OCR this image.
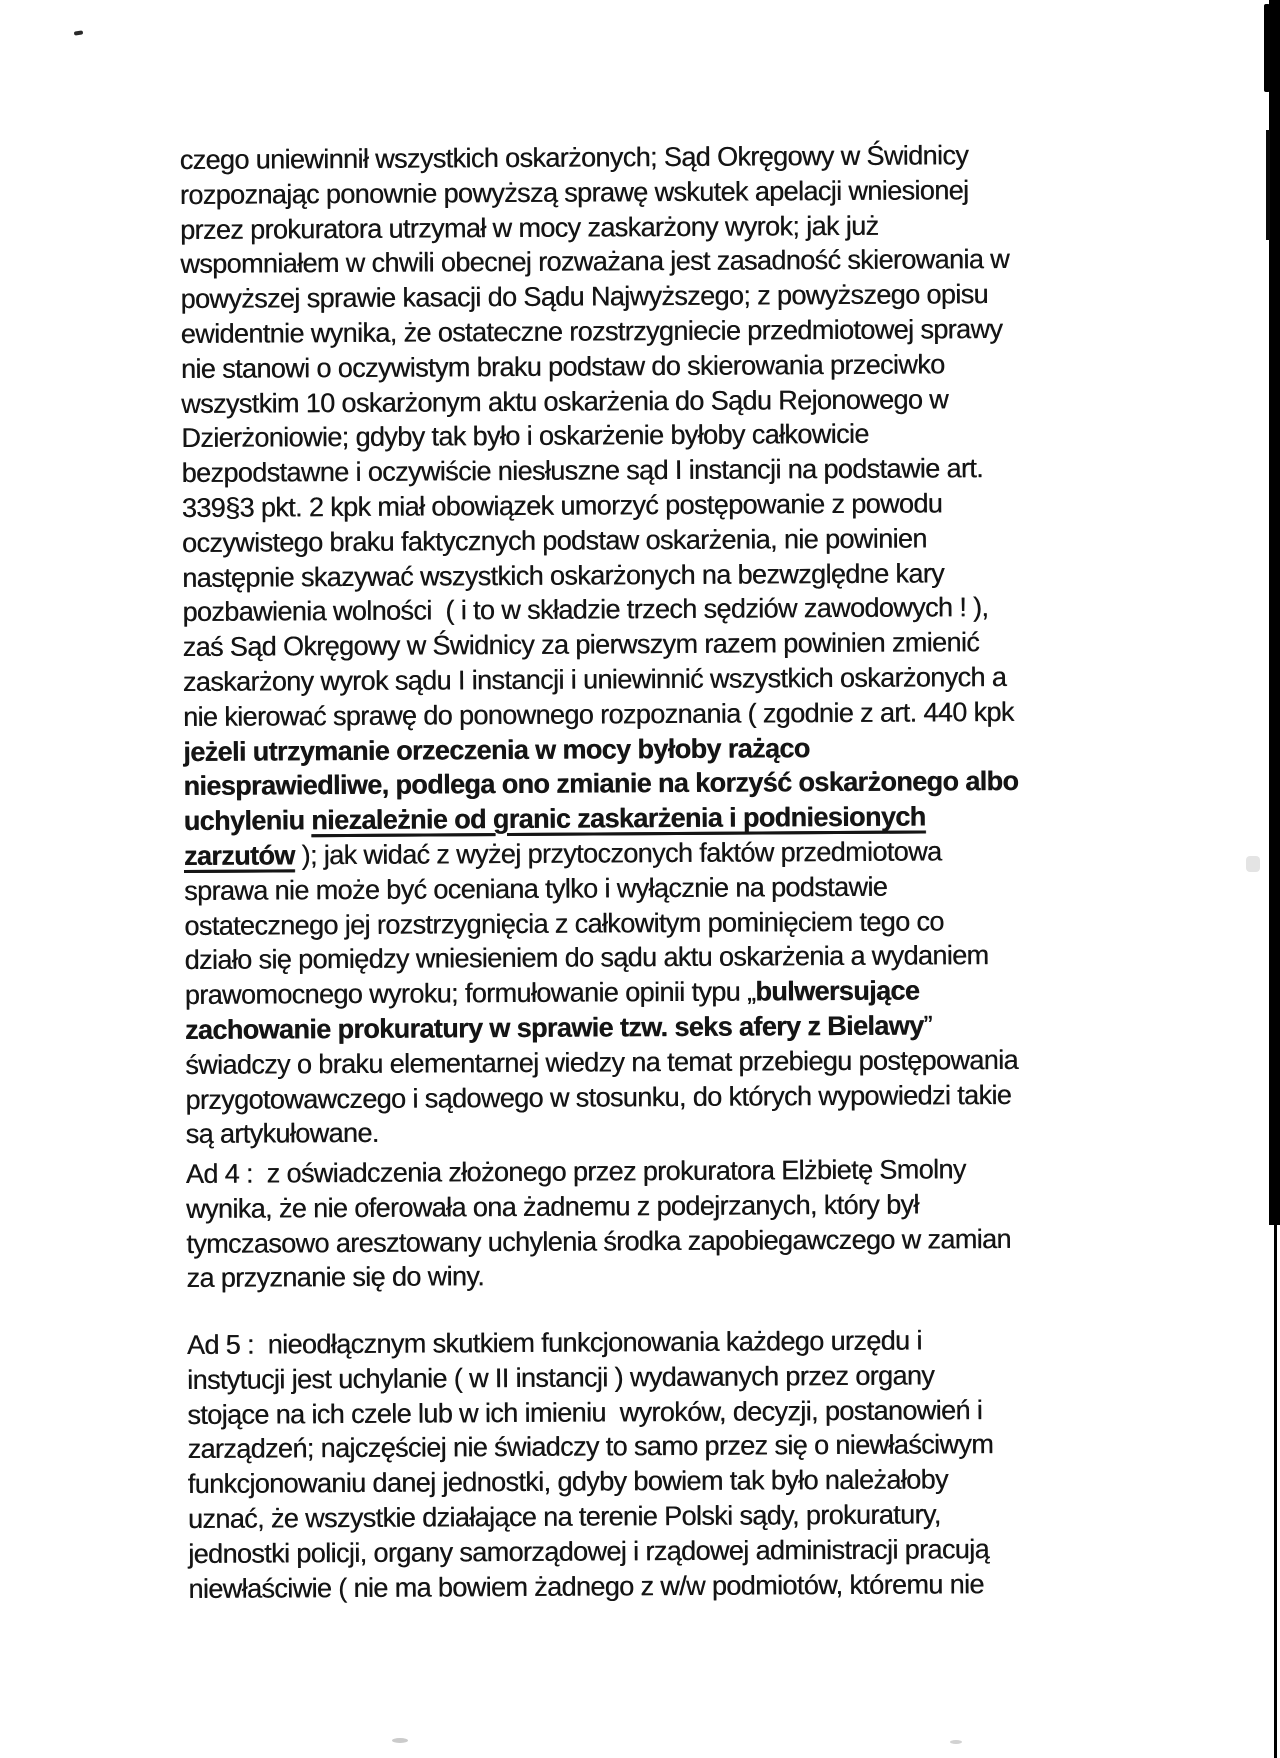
czego uniewinnił wszystkich oskarżonych; Sąd Okręgowy w Świdnicy
rozpoznając ponownie powyższą sprawę wskutek apelacji wniesionej
przez prokuratora utrzymał w mocy zaskarżony wyrok; jak już
wspomniałem w chwili obecnej rozważana jest zasadność skierowania w
powyższej sprawie kasacji do Sądu Najwyższego; z powyższego opisu
ewidentnie wynika, że ostateczne rozstrzygniecie przedmiotowej sprawy
nie stanowi o oczywistym braku podstaw do skierowania przeciwko
wszystkim 10 oskarżonym aktu oskarżenia do Sądu Rejonowego w
Dzierżoniowie; gdyby tak było i oskarżenie byłoby całkowicie
bezpodstawne i oczywiście niesłuszne sąd I instancji na podstawie art.
339§3 pkt. 2 kpk miał obowiązek umorzyć postępowanie z powodu
oczywistego braku faktycznych podstaw oskarżenia, nie powinien
następnie skazywać wszystkich oskarżonych na bezwzględne kary
pozbawienia wolności  ( i to w składzie trzech sędziów zawodowych ! ),
zaś Sąd Okręgowy w Świdnicy za pierwszym razem powinien zmienić
zaskarżony wyrok sądu I instancji i uniewinnić wszystkich oskarżonych a
nie kierować sprawę do ponownego rozpoznania ( zgodnie z art. 440 kpk
jeżeli utrzymanie orzeczenia w mocy byłoby rażąco
niesprawiedliwe, podlega ono zmianie na korzyść oskarżonego albo
uchyleniu niezależnie od granic zaskarżenia i podniesionych
zarzutów ); jak widać z wyżej przytoczonych faktów przedmiotowa
sprawa nie może być oceniana tylko i wyłącznie na podstawie
ostatecznego jej rozstrzygnięcia z całkowitym pominięciem tego co
działo się pomiędzy wniesieniem do sądu aktu oskarżenia a wydaniem
prawomocnego wyroku; formułowanie opinii typu „bulwersujące
zachowanie prokuratury w sprawie tzw. seks afery z Bielawy”
świadczy o braku elementarnej wiedzy na temat przebiegu postępowania
przygotowawczego i sądowego w stosunku, do których wypowiedzi takie
są artykułowane.
Ad 4 :  z oświadczenia złożonego przez prokuratora Elżbietę Smolny
wynika, że nie oferowała ona żadnemu z podejrzanych, który był
tymczasowo aresztowany uchylenia środka zapobiegawczego w zamian
za przyznanie się do winy.
Ad 5 :  nieodłącznym skutkiem funkcjonowania każdego urzędu i
instytucji jest uchylanie ( w II instancji ) wydawanych przez organy
stojące na ich czele lub w ich imieniu  wyroków, decyzji, postanowień i
zarządzeń; najczęściej nie świadczy to samo przez się o niewłaściwym
funkcjonowaniu danej jednostki, gdyby bowiem tak było należałoby
uznać, że wszystkie działające na terenie Polski sądy, prokuratury,
jednostki policji, organy samorządowej i rządowej administracji pracują
niewłaściwie ( nie ma bowiem żadnego z w/w podmiotów, któremu nie
